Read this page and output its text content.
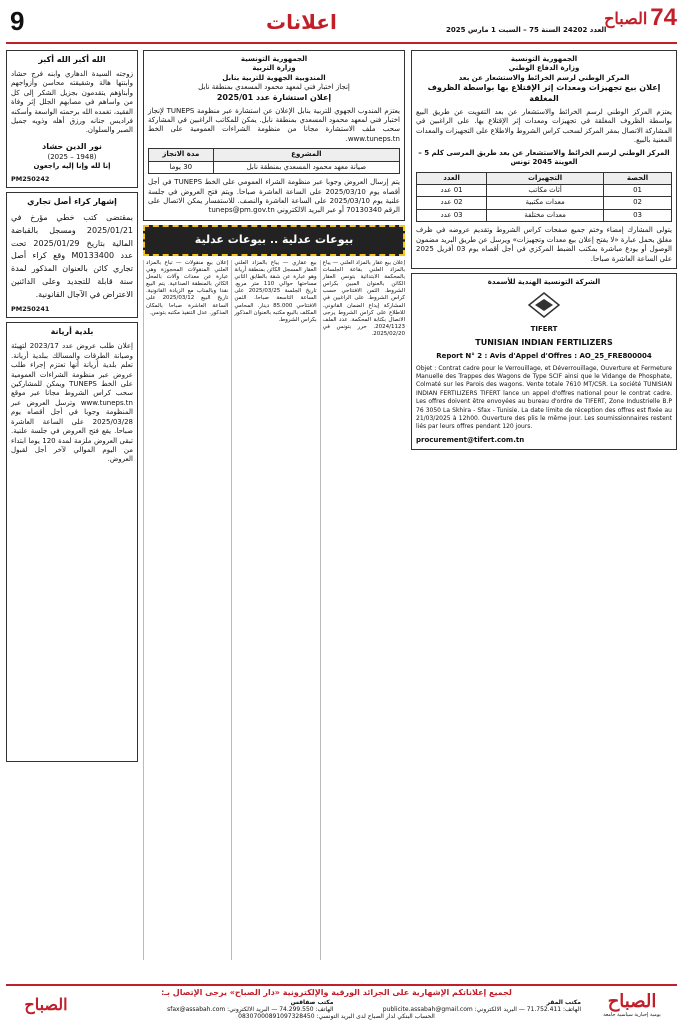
9	اعلانات	العدد 24202 السنة 75 – السبت 1 مارس 2025
الصباح 74
الله أكبر الله أكبر
زوجته السيدة الدهاري وابنه فرج حشاد وابنتها هالة وشقيقته محاسن وأزواجهم وأبناؤهم يتقدمون بجزيل الشكر إلى كل من واساهم في مصابهم الجلل إثر وفاة الفقيد، تغمده الله برحمته الواسعة وأسكنه فراديس جنانه ورزق أهله وذويه جميل الصبر والسلوان.
نور الدين حشاد
(1948 – 2025)
إنا لله وإنا إليه راجعون
PM250242
إشهار كراء أصل تجاري
بمقتضى كتب خطي مؤرخ في 2025/01/21 ومسجل بالقباضة المالية بتاريخ 2025/01/29 تحت عدد M0133400 وقع كراء أصل تجاري كائن بالعنوان المذكور لمدة سنة قابلة للتجديد وعلى الدائنين الاعتراض في الآجال القانونية.
PM250241
بلدية أريانة
إعلان طلب عروض عدد 2023/17 لتهيئة وصيانة الطرقات والمسالك ببلدية أريانة. تعلم بلدية أريانة أنها تعتزم إجراء طلب عروض عبر منظومة الشراءات العمومية على الخط TUNEPS ويمكن للمشاركين سحب كراس الشروط مجانا عبر موقع www.tuneps.tn وترسل العروض عبر المنظومة وجوبا في أجل أقصاه يوم 2025/03/28 على الساعة العاشرة صباحا. يقع فتح العروض في جلسة علنية. تبقى العروض ملزمة لمدة 120 يوما ابتداء من اليوم الموالي لآخر أجل لقبول العروض.
الجمهورية التونسية
وزارة التربية
المندوبية الجهوية للتربية بنابل
إنجاز اختبار فني لمعهد محمود المسعدي بمنطقة نابل
إعلان استشارة عدد 2025/01
يعتزم المندوب الجهوي للتربية بنابل الإعلان عن استشارة عبر منظومة TUNEPS لإنجاز اختبار فني لمعهد محمود المسعدي بمنطقة نابل. يمكن للمكاتب الراغبين في المشاركة سحب ملف الاستشارة مجانا من منظومة الشراءات العمومية على الخط www.tuneps.tn.
المشروع	مدة الانجاز
صيانة معهد محمود المسعدي بمنطقة نابل	30 يوما
يتم إرسال العروض وجوبا عبر منظومة الشراء العمومي على الخط TUNEPS في أجل أقصاه يوم 2025/03/10 على الساعة العاشرة صباحا. ويتم فتح العروض في جلسة علنية يوم 2025/03/10 على الساعة العاشرة والنصف. للاستفسار يمكن الاتصال على الرقم 70130340 أو عبر البريد الالكتروني tuneps@pm.gov.tn
بيوعات عدلية .. بيوعات عدلية
إعلان بيع عقار بالمزاد العلني — يباع بالمزاد العلني بقاعة الجلسات بالمحكمة الابتدائية بتونس العقار الكائن بالعنوان المبين بكراس الشروط. الثمن الافتتاحي حسب كراس الشروط. على الراغبين في المشاركة إيداع الضمان القانوني. للاطلاع على كراس الشروط يرجى الاتصال بكتابة المحكمة. عدد الملف 2024/1123. حرر بتونس في 2025/02/20.
بيع عقاري — يباع بالمزاد العلني العقار المسجل الكائن بمنطقة أريانة وهو عبارة عن شقة بالطابق الثاني مساحتها حوالي 110 متر مربع. تاريخ الجلسة 2025/03/25 على الساعة التاسعة صباحا. الثمن الافتتاحي 85.000 دينار. المحامي المكلف بالبيع مكتبه بالعنوان المذكور بكراس الشروط.
إعلان بيع منقولات — تباع بالمزاد العلني المنقولات المحجوزة وهي عبارة عن معدات وآلات بالمحل الكائن بالمنطقة الصناعية. يتم البيع نقدا وبالمناب مع الزيادة القانونية. تاريخ البيع 2025/03/12 على الساعة العاشرة صباحا بالمكان المذكور. عدل التنفيذ مكتبه بتونس.
الجمهورية التونسية
وزارة الدفاع الوطني
المركز الوطني لرسم الخرائط والاستشعار عن بعد
إعلان بيع تجهيزات ومعدات إثر الإقتلاع بها بواسطة الظروف المغلقة
يعتزم المركز الوطني لرسم الخرائط والاستشعار عن بعد التفويت عن طريق البيع بواسطة الظروف المغلقة في تجهيزات ومعدات إثر الإقتلاع بها. على الراغبين في المشاركة الاتصال بمقر المركز لسحب كراس الشروط والاطلاع على التجهيزات والمعدات المعنية بالبيع.
المركز الوطني لرسم الخرائط والاستشعار عن بعد طريق المرسى كلم 5 – العوينة 2045 تونس
الحصة	التجهيزات	العدد
01	أثاث مكاتب	01 عدد
02	معدات مكتبية	02 عدد
03	معدات مختلفة	03 عدد
يتولى المشارك إمضاء وختم جميع صفحات كراس الشروط وتقديم عروضه في ظرف مغلق يحمل عبارة «لا يفتح إعلان بيع معدات وتجهيزات» ويرسل عن طريق البريد مضمون الوصول أو يودع مباشرة بمكتب الضبط المركزي في أجل أقصاه يوم 03 أفريل 2025 على الساعة العاشرة صباحا.
الشركة التونسية الهندية للأسمدة
TIFERT
TUNISIAN INDIAN FERTILIZERS
Report N° 2 : Avis d'Appel d'Offres : AO_25_FRE800004
Objet : Contrat cadre pour le Verrouillage, et Déverrouillage, Ouverture et Fermeture Manuelle des Trappes des Wagons de Type SCIF ainsi que le Vidange de Phosphate, Colmaté sur les Parois des wagons. Vente totale 7610 MT/CSR. La société TUNISIAN INDIAN FERTILIZERS TIFERT lance un appel d'offres national pour le contrat cadre. Les offres doivent être envoyées au bureau d'ordre de TIFERT, Zone Industrielle B.P 76 3050 La Skhira - Sfax - Tunisie. La date limite de réception des offres est fixée au 21/03/2025 à 12h00. Ouverture des plis le même jour. Les soumissionnaires restent liés par leurs offres pendant 120 jours.
procurement@tifert.com.tn
الصباح
يومية إخبارية سياسية جامعة
لجميع إعلاناتكم الإشهارية على الجرائد الورقية والإلكترونية «دار الصباح» يرجى الإتصال بـ:
مكتب المقر
الهاتف: 71.752.411 — البريد الالكتروني: publicite.assabah@gmail.com
مكتب صفاقس
الهاتف: 74.299.550 — البريد الالكتروني: sfax@assabah.com
الحساب البنكي لدار الصباح لدى البريد التونسي: 08307000891097328450
الصباح
